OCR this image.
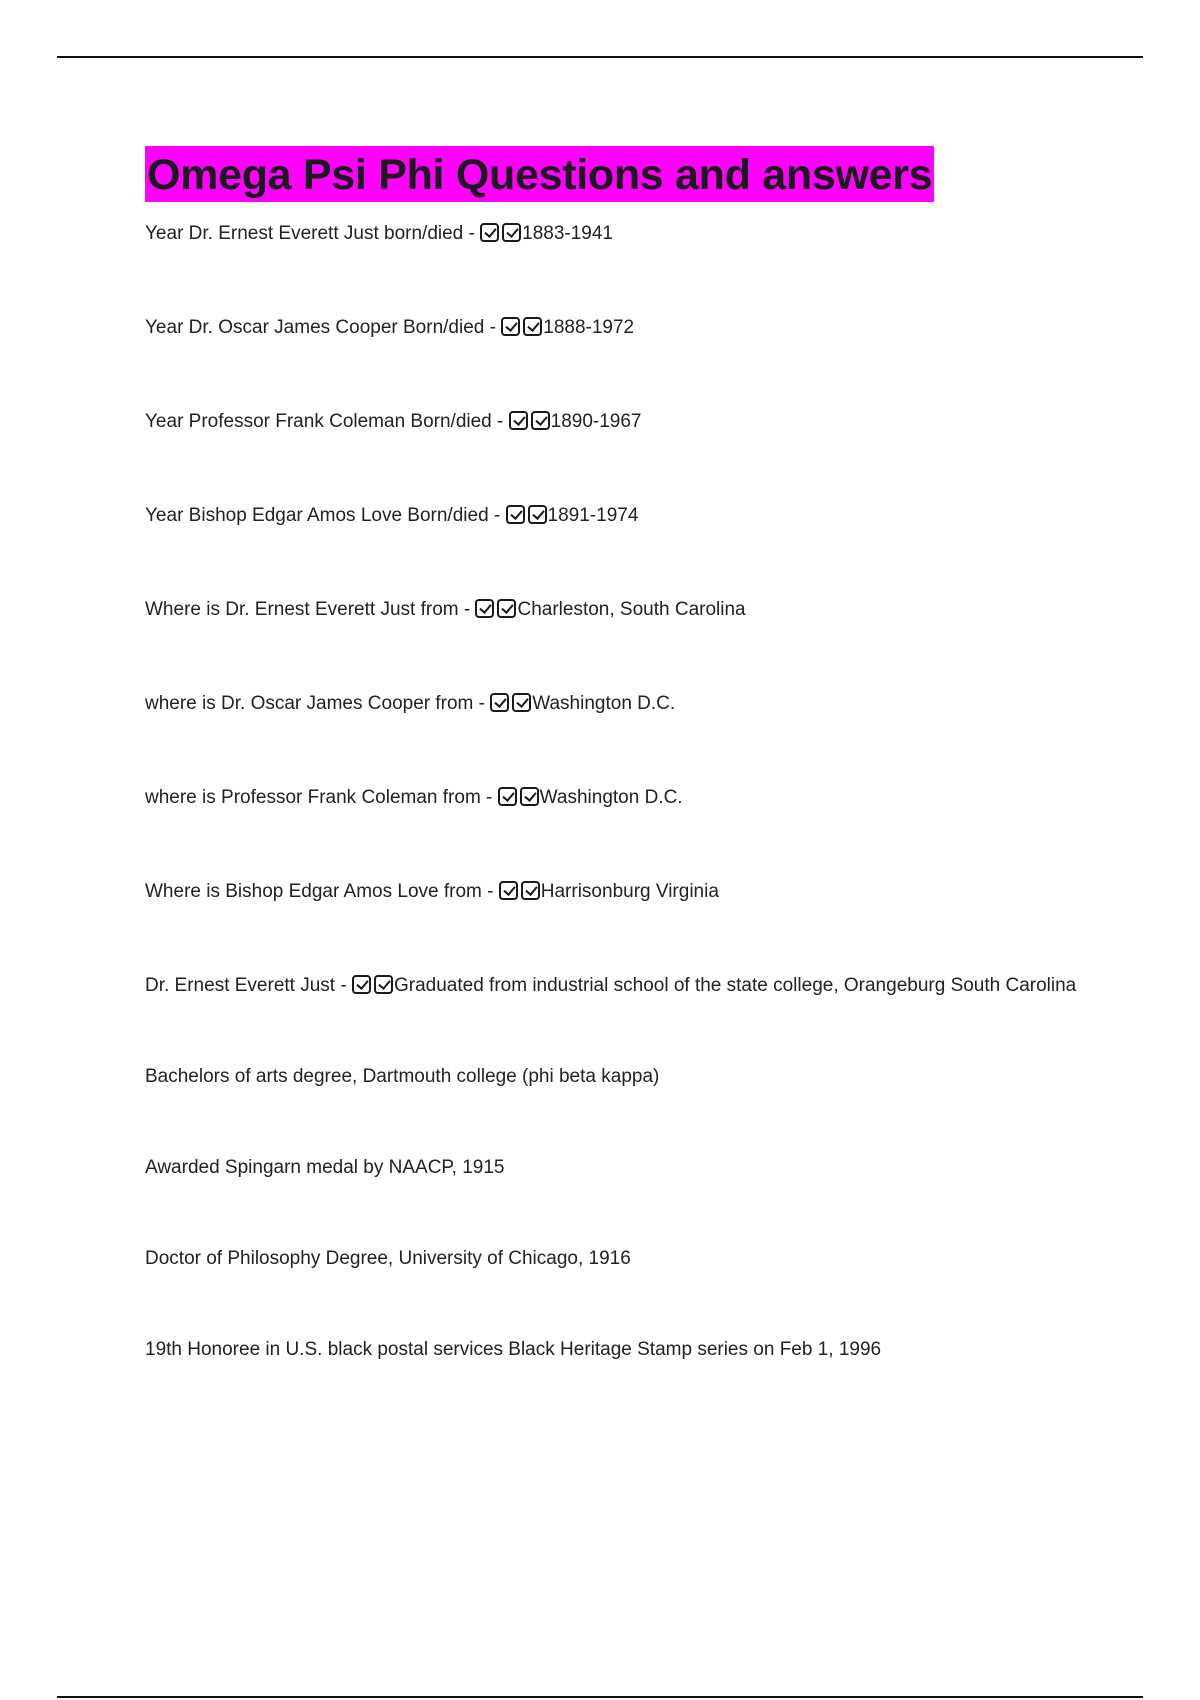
Omega Psi Phi Questions and answers

Year Dr. Ernest Everett Just born/died - 1883-1941

Year Dr. Oscar James Cooper Born/died - 1888-1972

Year Professor Frank Coleman Born/died - 1890-1967

Year Bishop Edgar Amos Love Born/died - 1891-1974

Where is Dr. Ernest Everett Just from - Charleston, South Carolina

where is Dr. Oscar James Cooper from - Washington D.C.

where is Professor Frank Coleman from - Washington D.C.

Where is Bishop Edgar Amos Love from - Harrisonburg Virginia

Dr. Ernest Everett Just - Graduated from industrial school of the state college, Orangeburg South Carolina

Bachelors of arts degree, Dartmouth college (phi beta kappa)

Awarded Spingarn medal by NAACP, 1915

Doctor of Philosophy Degree, University of Chicago, 1916

19th Honoree in U.S. black postal services Black Heritage Stamp series on Feb 1, 1996
